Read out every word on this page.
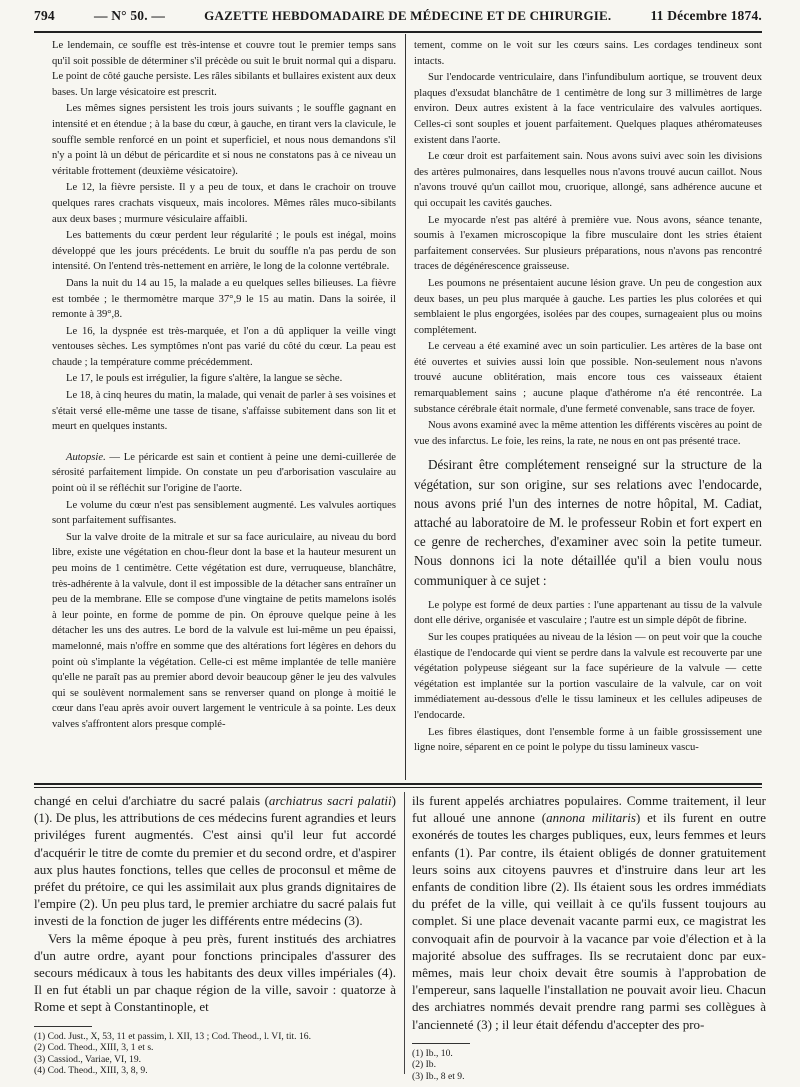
794	— N° 50. —	GAZETTE HEBDOMADAIRE DE MÉDECINE ET DE CHIRURGIE.	11 Décembre 1874.

Le lendemain, ce souffle est très-intense et couvre tout le premier temps sans qu'il soit possible de déterminer s'il précède ou suit le bruit normal qui a disparu. Le point de côté gauche persiste. Les râles sibilants et bullaires existent aux deux bases. Un large vésicatoire est prescrit.

Les mêmes signes persistent les trois jours suivants ; le souffle gagnant en intensité et en étendue ; à la base du cœur, à gauche, en tirant vers la clavicule, le souffle semble renforcé en un point et superficiel, et nous nous demandons s'il n'y a point là un début de péricardite et si nous ne constatons pas à ce niveau un véritable frottement (deuxième vésicatoire).

Le 12, la fièvre persiste. Il y a peu de toux, et dans le crachoir on trouve quelques rares crachats visqueux, mais incolores. Mêmes râles muco-sibilants aux deux bases ; murmure vésiculaire affaibli.

Les battements du cœur perdent leur régularité ; le pouls est inégal, moins développé que les jours précédents. Le bruit du souffle n'a pas perdu de son intensité. On l'entend très-nettement en arrière, le long de la colonne vertébrale.

Dans la nuit du 14 au 15, la malade a eu quelques selles bilieuses. La fièvre est tombée ; le thermomètre marque 37°,9 le 15 au matin. Dans la soirée, il remonte à 39°,8.

Le 16, la dyspnée est très-marquée, et l'on a dû appliquer la veille vingt ventouses sèches. Les symptômes n'ont pas varié du côté du cœur. La peau est chaude ; la température comme précédemment.

Le 17, le pouls est irrégulier, la figure s'altère, la langue se sèche.

Le 18, à cinq heures du matin, la malade, qui venait de parler à ses voisines et s'était versé elle-même une tasse de tisane, s'affaisse subitement dans son lit et meurt en quelques instants.

Autopsie. — Le péricarde est sain et contient à peine une demi-cuillerée de sérosité parfaitement limpide. On constate un peu d'arborisation vasculaire au point où il se réfléchit sur l'origine de l'aorte.

Le volume du cœur n'est pas sensiblement augmenté. Les valvules aortiques sont parfaitement suffisantes.

Sur la valve droite de la mitrale et sur sa face auriculaire, au niveau du bord libre, existe une végétation en chou-fleur dont la base et la hauteur mesurent un peu moins de 1 centimètre. Cette végétation est dure, verruqueuse, blanchâtre, très-adhérente à la valvule, dont il est impossible de la détacher sans entraîner un peu de la membrane. Elle se compose d'une vingtaine de petits mamelons isolés à leur pointe, en forme de pomme de pin. On éprouve quelque peine à les détacher les uns des autres. Le bord de la valvule est lui-même un peu épaissi, mamelonné, mais n'offre en somme que des altérations fort légères en dehors du point où s'implante la végétation. Celle-ci est même implantée de telle manière qu'elle ne paraît pas au premier abord devoir beaucoup gêner le jeu des valvules qui se soulèvent normalement sans se renverser quand on plonge à moitié le cœur dans l'eau après avoir ouvert largement le ventricule à sa pointe. Les deux valves s'affrontent alors presque complé-

tement, comme on le voit sur les cœurs sains. Les cordages tendineux sont intacts.

Sur l'endocarde ventriculaire, dans l'infundibulum aortique, se trouvent deux plaques d'exsudat blanchâtre de 1 centimètre de long sur 3 millimètres de large environ. Deux autres existent à la face ventriculaire des valvules aortiques. Celles-ci sont souples et jouent parfaitement. Quelques plaques athéromateuses existent dans l'aorte.

Le cœur droit est parfaitement sain. Nous avons suivi avec soin les divisions des artères pulmonaires, dans lesquelles nous n'avons trouvé aucun caillot. Nous n'avons trouvé qu'un caillot mou, cruorique, allongé, sans adhérence aucune et qui occupait les cavités gauches.

Le myocarde n'est pas altéré à première vue. Nous avons, séance tenante, soumis à l'examen microscopique la fibre musculaire dont les stries étaient parfaitement conservées. Sur plusieurs préparations, nous n'avons pas rencontré traces de dégénérescence graisseuse.

Les poumons ne présentaient aucune lésion grave. Un peu de congestion aux deux bases, un peu plus marquée à gauche. Les parties les plus colorées et qui semblaient le plus engorgées, isolées par des coupes, surnageaient plus ou moins complétement.

Le cerveau a été examiné avec un soin particulier. Les artères de la base ont été ouvertes et suivies aussi loin que possible. Non-seulement nous n'avons trouvé aucune oblitération, mais encore tous ces vaisseaux étaient remarquablement sains ; aucune plaque d'athérome n'a été rencontrée. La substance cérébrale était normale, d'une fermeté convenable, sans trace de foyer.

Nous avons examiné avec la même attention les différents viscères au point de vue des infarctus. Le foie, les reins, la rate, ne nous en ont pas présenté trace.

Désirant être complétement renseigné sur la structure de la végétation, sur son origine, sur ses relations avec l'endocarde, nous avons prié l'un des internes de notre hôpital, M. Cadiat, attaché au laboratoire de M. le professeur Robin et fort expert en ce genre de recherches, d'examiner avec soin la petite tumeur. Nous donnons ici la note détaillée qu'il a bien voulu nous communiquer à ce sujet :

Le polype est formé de deux parties : l'une appartenant au tissu de la valvule dont elle dérive, organisée et vasculaire ; l'autre est un simple dépôt de fibrine.

Sur les coupes pratiquées au niveau de la lésion — on peut voir que la couche élastique de l'endocarde qui vient se perdre dans la valvule est recouverte par une végétation polypeuse siégeant sur la face supérieure de la valvule — cette végétation est implantée sur la portion vasculaire de la valvule, car on voit immédiatement au-dessous d'elle le tissu lamineux et les cellules adipeuses de l'endocarde.

Les fibres élastiques, dont l'ensemble forme à un faible grossissement une ligne noire, séparent en ce point le polype du tissu lamineux vascu-

changé en celui d'archiatre du sacré palais (archiatrus sacri palatii) (1). De plus, les attributions de ces médecins furent agrandies et leurs priviléges furent augmentés. C'est ainsi qu'il leur fut accordé d'acquérir le titre de comte du premier et du second ordre, et d'aspirer aux plus hautes fonctions, telles que celles de proconsul et même de préfet du prétoire, ce qui les assimilait aux plus grands dignitaires de l'empire (2). Un peu plus tard, le premier archiatre du sacré palais fut investi de la fonction de juger les différents entre médecins (3).

Vers la même époque à peu près, furent institués des archiatres d'un autre ordre, ayant pour fonctions principales d'assurer des secours médicaux à tous les habitants des deux villes impériales (4). Il en fut établi un par chaque région de la ville, savoir : quatorze à Rome et sept à Constantinople, et

(1) Cod. Just., X, 53, 11 et passim, l. XII, 13 ; Cod. Theod., l. VI, tit. 16.

(2) Cod. Theod., XIII, 3, 1 et s.

(3) Cassiod., Variae, VI, 19.

(4) Cod. Theod., XIII, 3, 8, 9.

ils furent appelés archiatres populaires. Comme traitement, il leur fut alloué une annone (annona militaris) et ils furent en outre exonérés de toutes les charges publiques, eux, leurs femmes et leurs enfants (1). Par contre, ils étaient obligés de donner gratuitement leurs soins aux citoyens pauvres et d'instruire dans leur art les enfants de condition libre (2). Ils étaient sous les ordres immédiats du préfet de la ville, qui veillait à ce qu'ils fussent toujours au complet. Si une place devenait vacante parmi eux, ce magistrat les convoquait afin de pourvoir à la vacance par voie d'élection et à la majorité absolue des suffrages. Ils se recrutaient donc par eux-mêmes, mais leur choix devait être soumis à l'approbation de l'empereur, sans laquelle l'installation ne pouvait avoir lieu. Chacun des archiatres nommés devait prendre rang parmi ses collègues à l'ancienneté (3) ; il leur était défendu d'accepter des pro-

(1) Ib., 10.

(2) Ib.

(3) Ib., 8 et 9.
